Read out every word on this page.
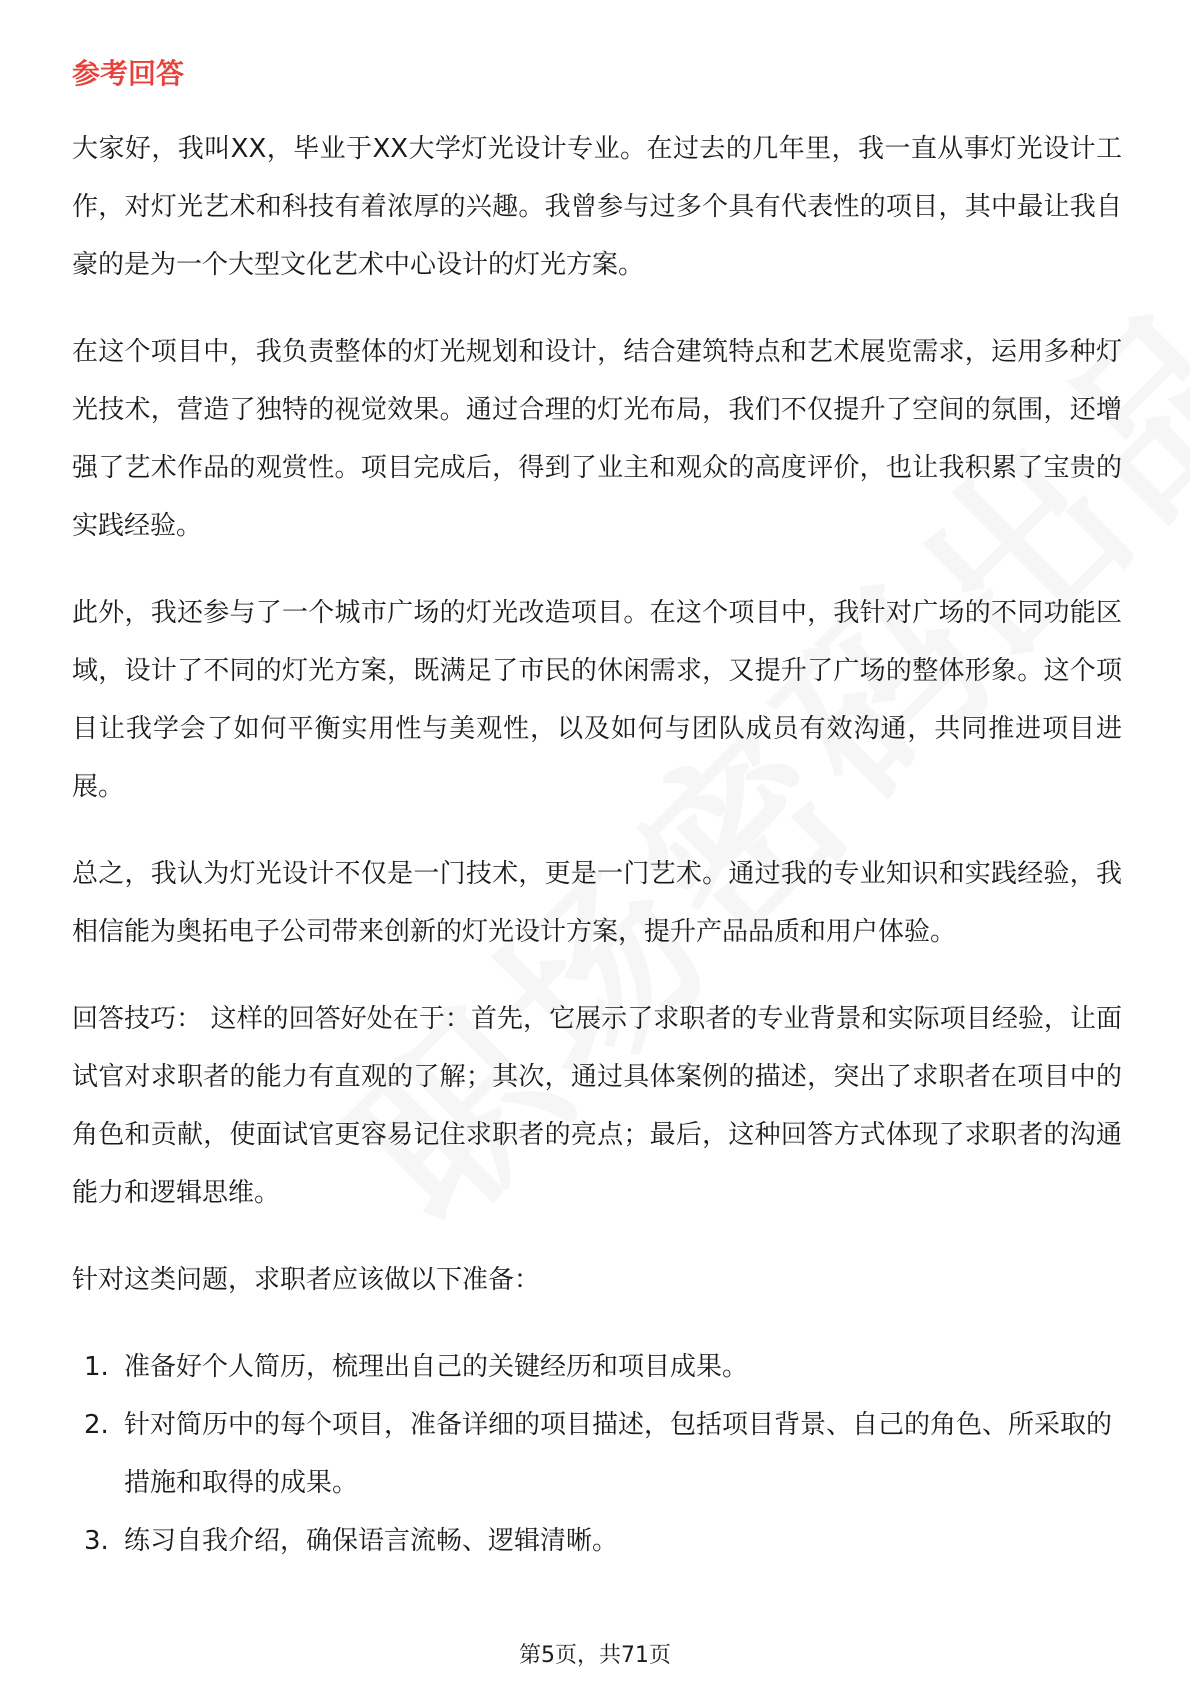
参考回答

大家好，我叫XX，毕业于XX大学灯光设计专业。在过去的几年里，我一直从事灯光设计工作，对灯光艺术和科技有着浓厚的兴趣。我曾参与过多个具有代表性的项目，其中最让我自豪的是为一个大型文化艺术中心设计的灯光方案。

在这个项目中，我负责整体的灯光规划和设计，结合建筑特点和艺术展览需求，运用多种灯光技术，营造了独特的视觉效果。通过合理的灯光布局，我们不仅提升了空间的氛围，还增强了艺术作品的观赏性。项目完成后，得到了业主和观众的高度评价，也让我积累了宝贵的实践经验。

此外，我还参与了一个城市广场的灯光改造项目。在这个项目中，我针对广场的不同功能区域，设计了不同的灯光方案，既满足了市民的休闲需求，又提升了广场的整体形象。这个项目让我学会了如何平衡实用性与美观性，以及如何与团队成员有效沟通，共同推进项目进展。

总之，我认为灯光设计不仅是一门技术，更是一门艺术。通过我的专业知识和实践经验，我相信能为奥拓电子公司带来创新的灯光设计方案，提升产品品质和用户体验。

回答技巧： 这样的回答好处在于：首先，它展示了求职者的专业背景和实际项目经验，让面试官对求职者的能力有直观的了解；其次，通过具体案例的描述，突出了求职者在项目中的角色和贡献，使面试官更容易记住求职者的亮点；最后，这种回答方式体现了求职者的沟通能力和逻辑思维。

针对这类问题，求职者应该做以下准备：

1. 准备好个人简历，梳理出自己的关键经历和项目成果。
2. 针对简历中的每个项目，准备详细的项目描述，包括项目背景、自己的角色、所采取的措施和取得的成果。
3. 练习自我介绍，确保语言流畅、逻辑清晰。
第5页，共71页
